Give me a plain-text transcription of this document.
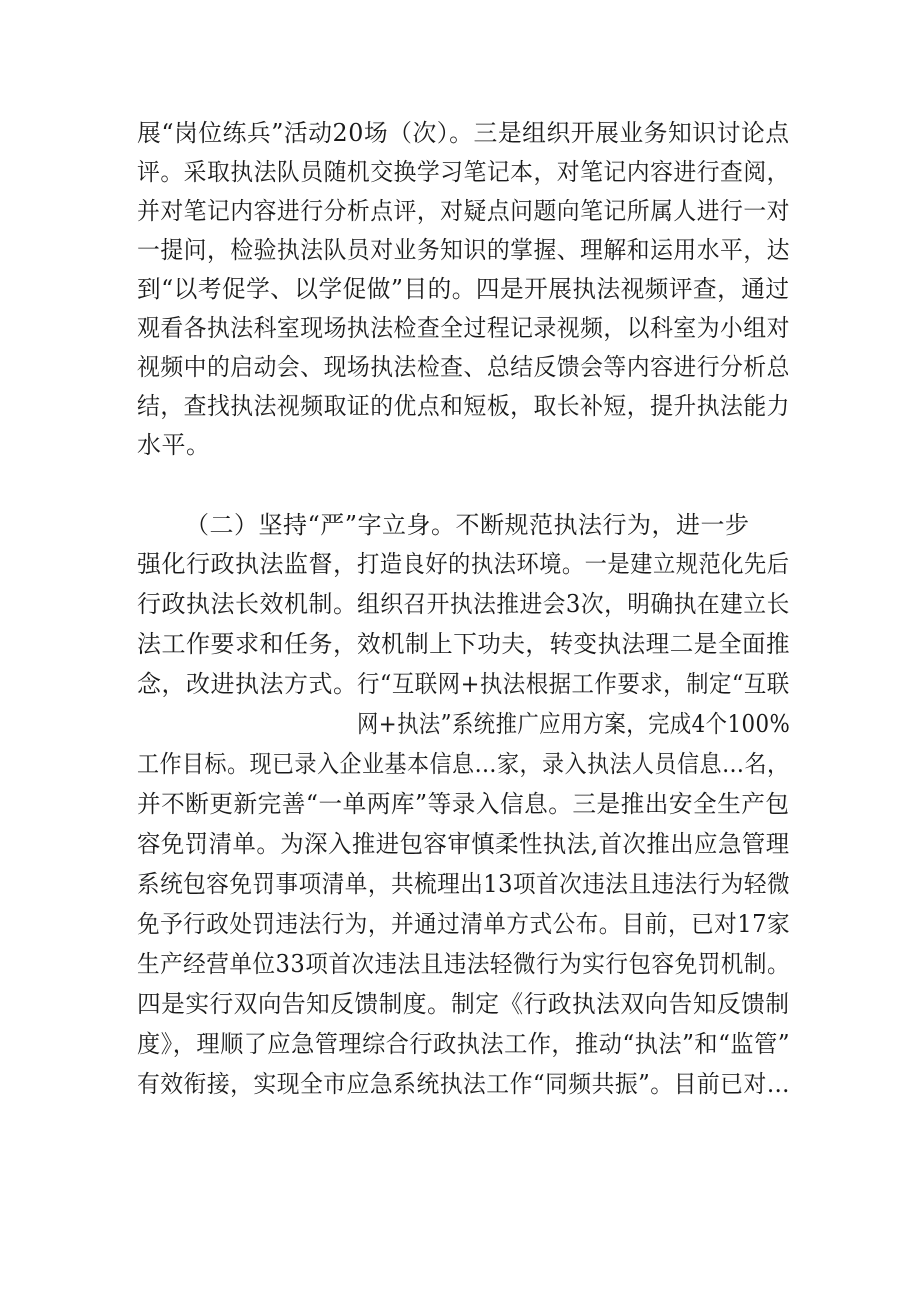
展“岗位练兵”活动20场（次）。三是组织开展业务知识讨论点
评。采取执法队员随机交换学习笔记本，对笔记内容进行查阅，
并对笔记内容进行分析点评，对疑点问题向笔记所属人进行一对
一提问，检验执法队员对业务知识的掌握、理解和运用水平，达
到“以考促学、以学促做”目的。四是开展执法视频评查，通过
观看各执法科室现场执法检查全过程记录视频，以科室为小组对
视频中的启动会、现场执法检查、总结反馈会等内容进行分析总
结，查找执法视频取证的优点和短板，取长补短，提升执法能力
水平。
（二）坚持“严”字立身。不断规范执法行为，进一步
强化行政执法监督，
行政执法长效机制。
法工作要求和任务，
念，改进执法方式。
打造良好的执法环境。一是建立规范化先后
组织召开执法推进会3次，明确执在建立长
效机制上下功夫，转变执法理二是全面推
行“互联网+执法根据工作要求，制定“互联
网+执法”系统推广应用方案，完成4个100%
工作目标。现已录入企业基本信息…家，录入执法人员信息…名，
并不断更新完善“一单两库”等录入信息。三是推出安全生产包
容免罚清单。为深入推进包容审慎柔性执法,首次推出应急管理
系统包容免罚事项清单，共梳理出13项首次违法且违法行为轻微
免予行政处罚违法行为，并通过清单方式公布。目前，已对17家
生产经营单位33项首次违法且违法轻微行为实行包容免罚机制。
四是实行双向告知反馈制度。制定《行政执法双向告知反馈制
度》，理顺了应急管理综合行政执法工作，推动“执法”和“监管”
有效衔接，实现全市应急系统执法工作“同频共振”。目前已对…
